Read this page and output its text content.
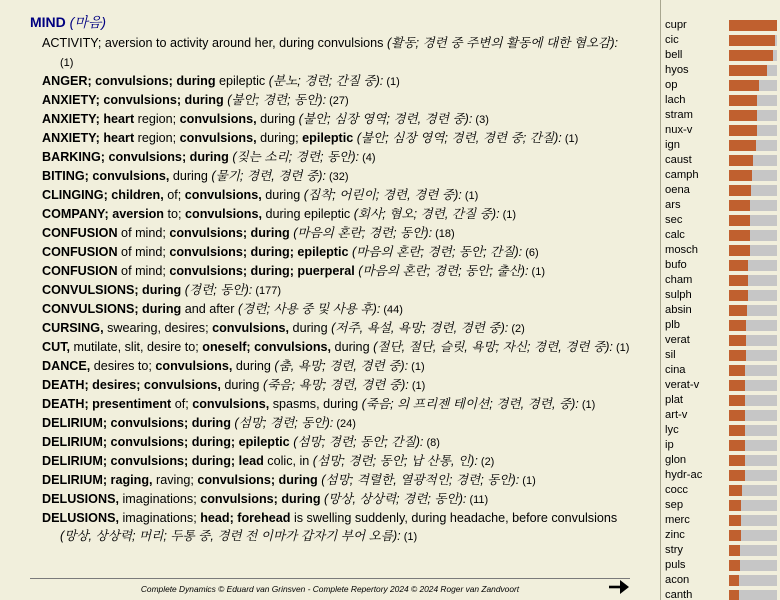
MIND (마음)
ACTIVITY; aversion to activity around her, during convulsions (활동; 경련 중 주변의 활동에 대한 혐오감): (1)
ANGER; convulsions; during epileptic (분노; 경련; 간질 중): (1)
ANXIETY; convulsions; during (불안; 경련; 동안): (27)
ANXIETY; heart region; convulsions, during (불안; 심장 영역; 경련, 경련 중): (3)
ANXIETY; heart region; convulsions, during; epileptic (불안; 심장 영역; 경련, 경련 중; 간질): (1)
BARKING; convulsions; during (짖는 소리; 경련; 동안): (4)
BITING; convulsions, during (물기; 경련, 경련 중): (32)
CLINGING; children, of; convulsions, during (집착; 어린이; 경련, 경련 중): (1)
COMPANY; aversion to; convulsions, during epileptic (회사; 혐오; 경련, 간질 중): (1)
CONFUSION of mind; convulsions; during (마음의 혼란; 경련; 동안): (18)
CONFUSION of mind; convulsions; during; epileptic (마음의 혼란; 경련; 동안; 간질): (6)
CONFUSION of mind; convulsions; during; puerperal (마음의 혼란; 경련; 동안; 출산): (1)
CONVULSIONS; during (경련; 동안): (177)
CONVULSIONS; during and after (경련; 사용 중 및 사용 후): (44)
CURSING, swearing, desires; convulsions, during (저주, 욕설, 욕망; 경련, 경련 중): (2)
CUT, mutilate, slit, desire to; oneself; convulsions, during (절단, 절단, 슬릿, 욕망; 자신; 경련, 경련 중): (1)
DANCE, desires to; convulsions, during (춤, 욕망; 경련, 경련 중): (1)
DEATH; desires; convulsions, during (죽음; 욕망; 경련, 경련 중): (1)
DEATH; presentiment of; convulsions, spasms, during (죽음; 의 프리젠 테이션; 경련, 경련, 중): (1)
DELIRIUM; convulsions; during (섬망; 경련; 동안): (24)
DELIRIUM; convulsions; during; epileptic (섬망; 경련; 동안; 간질): (8)
DELIRIUM; convulsions; during; lead colic, in (섬망; 경련; 동안; 납 산통, 인): (2)
DELIRIUM; raging, raving; convulsions; during (섬망; 격렬한, 열광적인; 경련; 동안): (1)
DELUSIONS, imaginations; convulsions; during (망상, 상상력; 경련; 동안): (11)
DELUSIONS, imaginations; head; forehead is swelling suddenly, during headache, before convulsions (망상, 상상력; 머리; 두통 중, 경련 전 이마가 갑자기 부어 오름): (1)
Complete Dynamics © Eduard van Grinsven - Complete Repertory 2024 © 2024 Roger van Zandvoort
cupr
cic
bell
hyos
op
lach
stram
nux-v
ign
caust
camph
oena
ars
sec
calc
mosch
bufo
cham
sulph
absin
plb
verat
sil
cina
verat-v
plat
art-v
lyc
ip
glon
hydr-ac
cocc
sep
merc
zinc
stry
puls
acon
canth
